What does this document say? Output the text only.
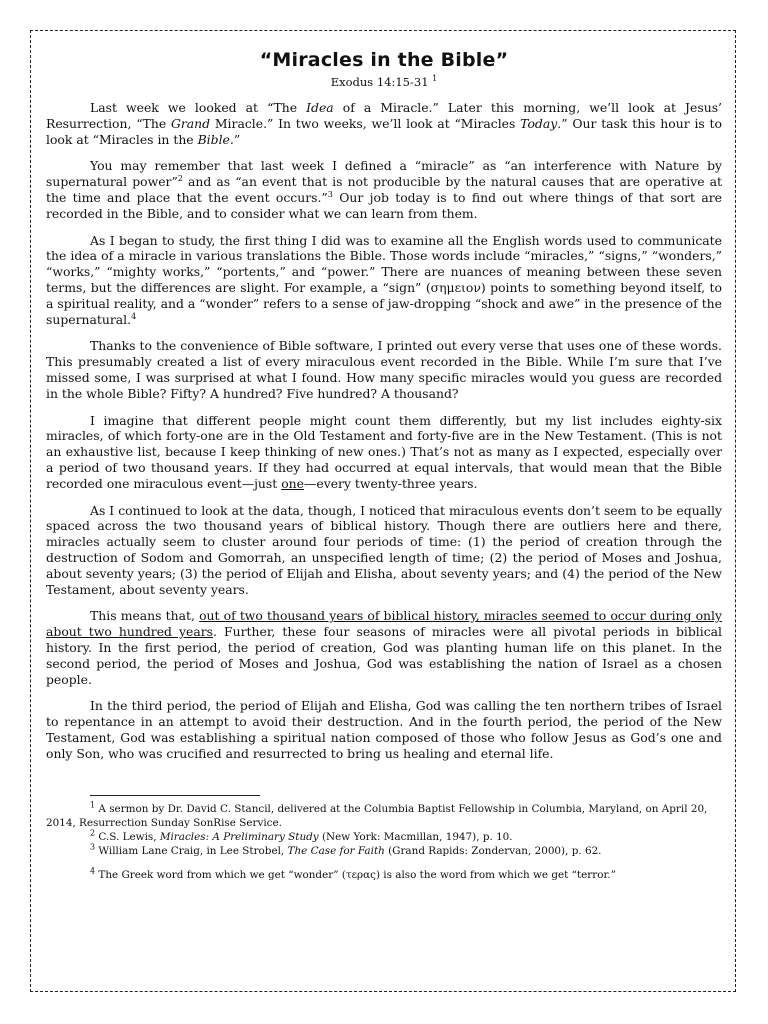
“Miracles in the Bible”
Exodus 14:15-31 $^1$

Last week we looked at “The Idea of a Miracle.” Later this morning, we’ll look at Jesus’ Resurrection, “The Grand Miracle.” In two weeks, we’ll look at “Miracles Today.” Our task this hour is to look at “Miracles in the Bible.”

You may remember that last week I defined a “miracle” as “an interference with Nature by supernatural power”$^2$ and as “an event that is not producible by the natural causes that are operative at the time and place that the event occurs.”$^3$ Our job today is to find out where things of that sort are recorded in the Bible, and to consider what we can learn from them.

As I began to study, the first thing I did was to examine all the English words used to communicate the idea of a miracle in various translations the Bible. Those words include “miracles,” “signs,” “wonders,” “works,” “mighty works,” “portents,” and “power.” There are nuances of meaning between these seven terms, but the differences are slight. For example, a “sign” (σημειον) points to something beyond itself, to a spiritual reality, and a “wonder” refers to a sense of jaw-dropping “shock and awe” in the presence of the supernatural.$^4$

Thanks to the convenience of Bible software, I printed out every verse that uses one of these words. This presumably created a list of every miraculous event recorded in the Bible. While I’m sure that I’ve missed some, I was surprised at what I found. How many specific miracles would you guess are recorded in the whole Bible? Fifty? A hundred? Five hundred? A thousand?

I imagine that different people might count them differently, but my list includes eighty-six miracles, of which forty-one are in the Old Testament and forty-five are in the New Testament. (This is not an exhaustive list, because I keep thinking of new ones.) That’s not as many as I expected, especially over a period of two thousand years. If they had occurred at equal intervals, that would mean that the Bible recorded one miraculous event—just one—every twenty-three years.

As I continued to look at the data, though, I noticed that miraculous events don’t seem to be equally spaced across the two thousand years of biblical history. Though there are outliers here and there, miracles actually seem to cluster around four periods of time: (1) the period of creation through the destruction of Sodom and Gomorrah, an unspecified length of time; (2) the period of Moses and Joshua, about seventy years; (3) the period of Elijah and Elisha, about seventy years; and (4) the period of the New Testament, about seventy years.

This means that, out of two thousand years of biblical history, miracles seemed to occur during only about two hundred years. Further, these four seasons of miracles were all pivotal periods in biblical history. In the first period, the period of creation, God was planting human life on this planet. In the second period, the period of Moses and Joshua, God was establishing the nation of Israel as a chosen people.

In the third period, the period of Elijah and Elisha, God was calling the ten northern tribes of Israel to repentance in an attempt to avoid their destruction. And in the fourth period, the period of the New Testament, God was establishing a spiritual nation composed of those who follow Jesus as God’s one and only Son, who was crucified and resurrected to bring us healing and eternal life.

$^1$ A sermon by Dr. David C. Stancil, delivered at the Columbia Baptist Fellowship in Columbia, Maryland, on April 20, 2014, Resurrection Sunday SonRise Service.

$^2$ C.S. Lewis, Miracles: A Preliminary Study (New York: Macmillan, 1947), p. 10.

$^3$ William Lane Craig, in Lee Strobel, The Case for Faith (Grand Rapids: Zondervan, 2000), p. 62.

$^4$ The Greek word from which we get “wonder” (τερας) is also the word from which we get “terror.”
